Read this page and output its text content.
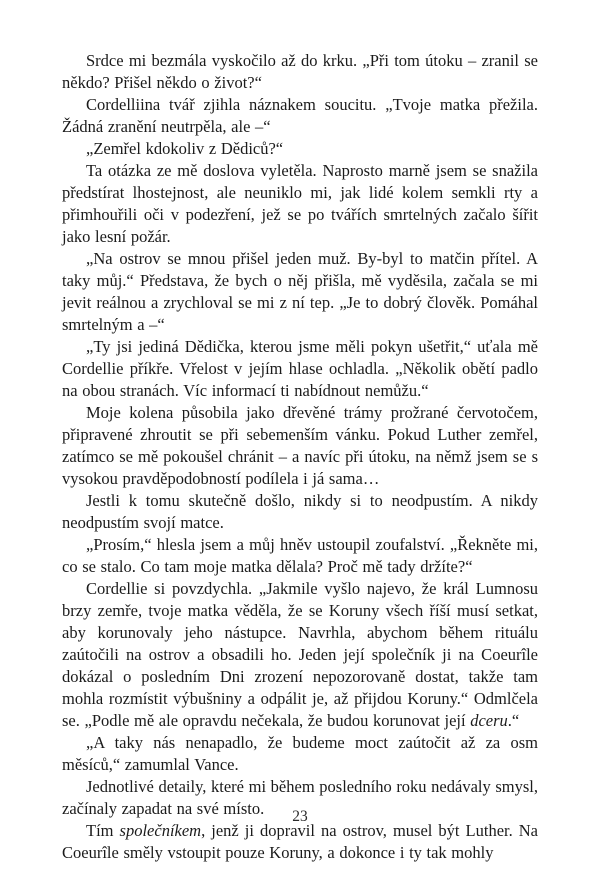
Srdce mi bezmála vyskočilo až do krku. „Při tom útoku – zranil se někdo? Přišel někdo o život?“

Cordelliina tvář zjihla náznakem soucitu. „Tvoje matka přežila. Žádná zranění neutrpěla, ale –“

„Zemřel kdokoliv z Dědiců?“

Ta otázka ze mě doslova vyletěla. Naprosto marně jsem se snažila předstírat lhostejnost, ale neuniklo mi, jak lidé kolem semkli rty a přimhouřili oči v podezření, jež se po tvářích smrtelných začalo šířit jako lesní požár.

„Na ostrov se mnou přišel jeden muž. By-byl to matčin přítel. A taky můj.“ Představa, že bych o něj přišla, mě vyděsila, začala se mi jevit reálnou a zrychloval se mi z ní tep. „Je to dobrý člověk. Pomáhal smrtelným a –“

„Ty jsi jediná Dědička, kterou jsme měli pokyn ušetřit,“ uťala mě Cordellie příkře. Vřelost v jejím hlase ochladla. „Několik obětí padlo na obou stranách. Víc informací ti nabídnout nemůžu.“

Moje kolena působila jako dřevěné trámy prožrané červotočem, připravené zhroutit se při sebemenším vánku. Pokud Luther zemřel, zatímco se mě pokoušel chránit – a navíc při útoku, na němž jsem se s vysokou pravděpodobností podílela i já sama…

Jestli k tomu skutečně došlo, nikdy si to neodpustím. A nikdy neodpustím svojí matce.

„Prosím,“ hlesla jsem a můj hněv ustoupil zoufalství. „Řekněte mi, co se stalo. Co tam moje matka dělala? Proč mě tady držíte?“

Cordellie si povzdychla. „Jakmile vyšlo najevo, že král Lumnosu brzy zemře, tvoje matka věděla, že se Koruny všech říší musí setkat, aby korunovaly jeho nástupce. Navrhla, abychom během rituálu zaútočili na ostrov a obsadili ho. Jeden její společník ji na Coeurîle dokázal o posledním Dni zrození nepozorovaně dostat, takže tam mohla rozmístit výbušniny a odpálit je, až přijdou Koruny.“ Odmlčela se. „Podle mě ale opravdu nečekala, že budou korunovat její dceru.“

„A taky nás nenapadlo, že budeme moct zaútočit až za osm měsíců,“ zamumlal Vance.

Jednotlivé detaily, které mi během posledního roku nedávaly smysl, začínaly zapadat na své místo.

Tím společníkem, jenž ji dopravil na ostrov, musel být Luther. Na Coeurîle směly vstoupit pouze Koruny, a dokonce i ty tak mohly

23
